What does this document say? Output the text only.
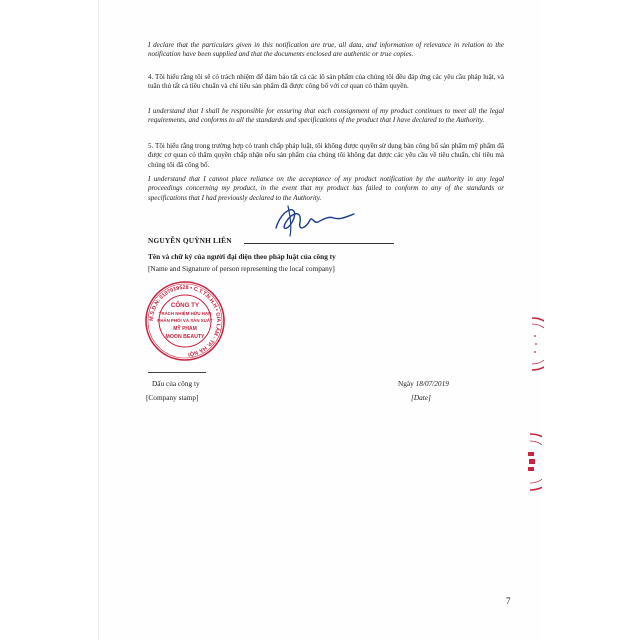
I declare that the particulars given in this notification are true, all data, and information of relevance in relation to the notification have been supplied and that the documents enclosed are authentic or true copies.
4. Tôi hiểu rằng tôi sẽ có trách nhiệm để đảm bảo tất cả các lô sản phẩm của chúng tôi đều đáp ứng các yêu cầu pháp luật, và tuân thủ tất cả tiêu chuẩn và chỉ tiêu sản phẩm đã được công bố với cơ quan có thẩm quyền.
I understand that I shall be responsible for ensuring that each consignment of my product continues to meet all the legal requirements, and conforms to all the standards and specifications of the product that I have declared to the Authority.
5. Tôi hiểu rằng trong trường hợp có tranh chấp pháp luật, tôi không được quyền sử dụng bản công bố sản phẩm mỹ phẩm đã được cơ quan có thẩm quyền chấp nhận nếu sản phẩm của chúng tôi không đạt được các yêu cầu về tiêu chuẩn, chỉ tiêu mà chúng tôi đã công bố.
I understand that I cannot place reliance on the acceptance of my product notification by the authority in any legal proceedings concerning my product, in the event that my product has failed to conform to any of the standards or specifications that I had previously declared to the Authority.
NGUYỄN QUỲNH LIÊN
Tên và chữ ký của người đại diện theo pháp luật của công ty
[Name and Signature of person representing the local company]
M.S.D.N: 0107019528 • C.T.T.N.H.H • GIA LÂM - TP. HÀ NỘI
CÔNG TY
TRÁCH NHIỆM HỮU HẠN
PHÂN PHỐI VÀ SẢN XUẤT
MỸ PHẨM
MOON BEAUTY
Dấu của công ty
[Company stamp]
Ngày 18/07/2019
[Date]
7
